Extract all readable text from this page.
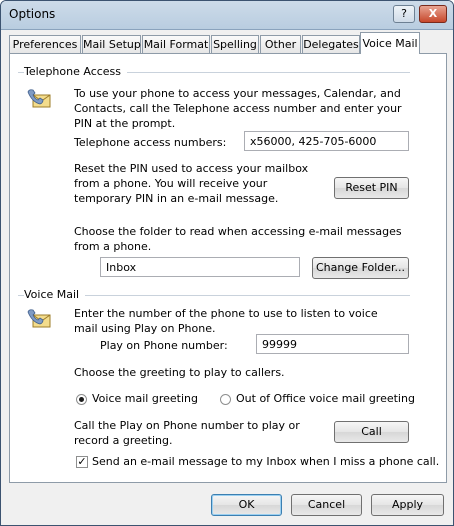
Options	?	X
Preferences Mail Setup Mail Format Spelling Other Delegates Voice Mail
Telephone Access
To use your phone to access your messages, Calendar, and Contacts, call the Telephone access number and enter your PIN at the prompt.
Telephone access numbers:	x56000, 425-705-6000
Reset the PIN used to access your mailbox from a phone. You will receive your temporary PIN in an e-mail message.
Reset PIN
Choose the folder to read when accessing e-mail messages from a phone.
Inbox	Change Folder...
Voice Mail
Enter the number of the phone to use to listen to voice mail using Play on Phone.
Play on Phone number:	99999
Choose the greeting to play to callers.
Voice mail greeting	Out of Office voice mail greeting
Call the Play on Phone number to play or record a greeting.
Call
✓ Send an e-mail message to my Inbox when I miss a phone call.
OK	Cancel	Apply
